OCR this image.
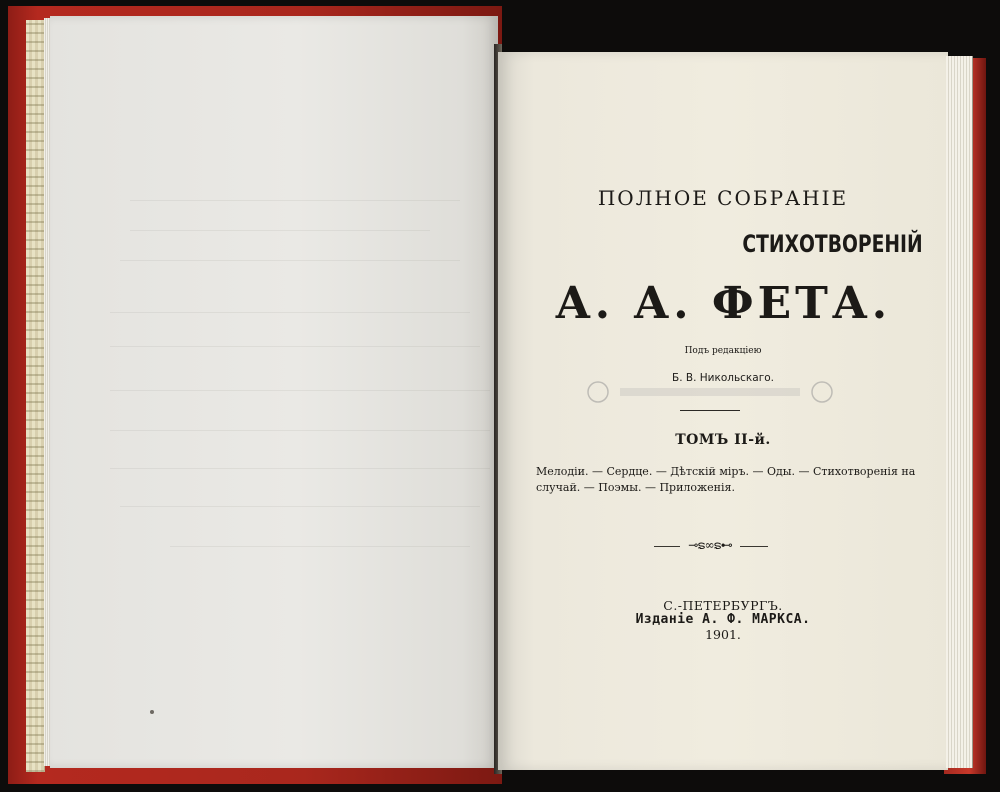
ПОЛНОЕ СОБРАНІЕ
СТИХОТВОРЕНІЙ
А. А. ФЕТА.
Подъ редакціею
Б. В. Никольскаго.
ТОМЪ II-й.
Мелодіи. — Сердце. — Дѣтскій міръ. — Оды. — Стихотворенія на случай. — Поэмы. — Приложенія.
⊸ຣ∞ຣ⊷
С.-ПЕТЕРБУРГЪ.
Изданіе А. Ф. МАРКСА.
1901.
